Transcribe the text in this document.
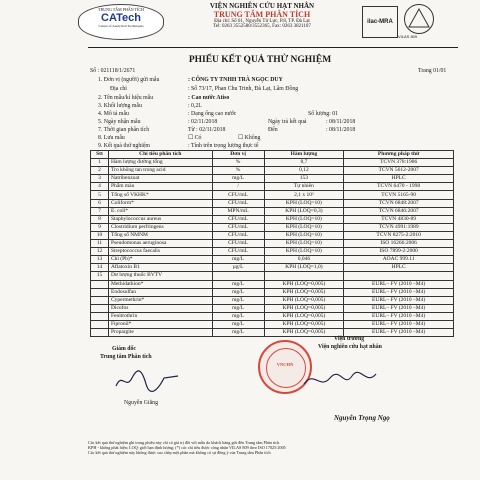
TRUNG TÂM PHÂN TÍCH
CATech
Center of Analytical Techniques
VIỆN NGHIÊN CỨU HẠT NHÂN
TRUNG TÂM PHÂN TÍCH
Địa chỉ: Số 01, Nguyễn Tử Lực, P.8, TP. Đà Lạt
Tel: 0263 3552580/3552365, Fax: 0263 3821107
ilac-MRA
VILAS 809
PHIẾU KẾT QUẢ THỬ NGHIỆM
Số : 021118/1/2671	Trang 01/01
1. Đơn vị (người) gửi mẫu	: CÔNG TY TNHH TRÀ NGỌC DUY
Địa chỉ	: Số 73/17, Phan Chu Trinh, Đà Lạt, Lâm Đồng
2. Tên mẫu/kí hiệu mẫu	: Cao nước Atiso
3. Khối lượng mẫu	: 0,2L
4. Mô tả mẫu	: Dạng ống cao nước	Số lượng: 01
5. Ngày nhận mẫu	: 02/11/2018	Ngày trả kết quả	: 08/11/2018
7. Thời gian phân tích	Từ : 02/11/2018	Đến	: 08/11/2018
8. Lưu mẫu	☐ Có	☐ Không
9. Kết quả thử nghiệm	: Tính trên trọng lượng thực tế
Stt	Chỉ tiêu phân tích	Đơn vị	Hàm lượng	Phương pháp thử
1	Hàm lượng đường tổng	%	8,7	TCVN 378:1986
2	Tro không tan trong acid	%	0,12	TCVN 5612-2007
3	Natribenzoat	mg/L	153	HPLC
4	Phẩm màu	/	Tự nhiên	TCVN 6470 - 1998
5	Tổng số VKHK*	CFU/mL	2,1 x 10²	TCVN 5165-90
6	Coliform*	CFU/mL	KPH (LOQ=10)	TCVN 6848:2007
7	E. coli*	MPN/mL	KPH (LOQ=0,3)	TCVN 6846:2007
8	Staphylococcus aureus	CFU/mL	KPH (LOQ=10)	TCVN 4830-89
9	Clostridium perfringens	CFU/mL	KPH (LOQ=10)	TCVN 4991:1989
10	Tổng số NMNM	CFU/mL	KPH (LOQ=10)	TCVN 8275-2:2010
11	Pseudomonas aeruginosa	CFU/mL	KPH (LOQ=10)	ISO 16266:2006
12	Streptococcus faecalis	CFU/mL	KPH (LOQ=10)	ISO 7899-2:2000
13	Chì (Pb)*	mg/L	0,046	AOAC 999.11
14	Aflatoxin B1	µg/L	KPH (LOQ=1,0)	HPLC
15	Dư lượng thuốc BVTV			
	Methidathion*	mg/L	KPH (LOQ=0,005)	EURL– FV (2010 –M4)
	Endosulfan	mg/L	KPH (LOQ=0,005)	EURL– FV (2010 –M4)
	Cypermethrin*	mg/L	KPH (LOQ=0,005)	EURL– FV (2010 –M4)
	Dicofos	mg/L	KPH (LOQ=0,005)	EURL– FV (2010 –M4)
	Fenitrothrin	mg/L	KPH (LOQ=0,005)	EURL– FV (2010 –M4)
	Fipronil*	mg/L	KPH (LOQ=0,005)	EURL– FV (2010 –M4)
	Propargite	mg/L	KPH (LOQ=0,005)	EURL– FV (2010 –M4)
Giám đốc
Trung tâm Phân tích
Nguyễn Giằng
Viện trưởng
Viện nghiên cứu hạt nhân
VNCHN
Nguyễn Trọng Ngọ
Các kết quả thử nghiệm ghi trong phiếu này chỉ có giá trị đối với mẫu do khách hàng gửi đến Trung tâm Phân tích.
KPH - không phát hiện; LOQ: giới hạn định lượng; (*) các chỉ tiêu được công nhận VILAS 809 theo ISO 17025:2005
Các kết quả thử nghiệm này không được sao chép một phần mà không có sự đồng ý của Trung tâm Phân tích
